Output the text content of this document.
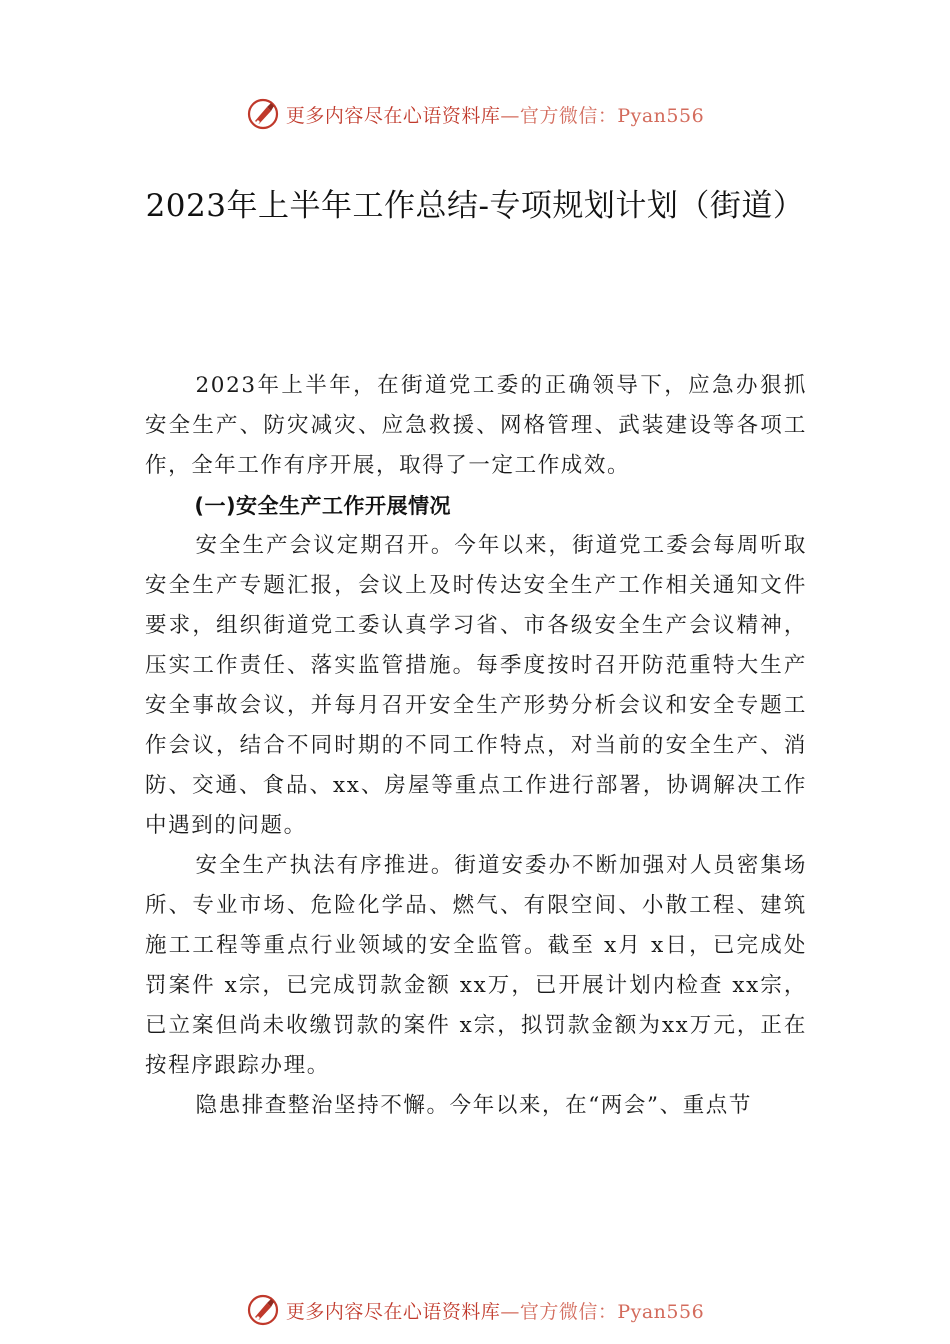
更多内容尽在心语资料库—官方微信：Pyan556
2023年上半年工作总结-专项规划计划（街道）

2023年上半年，在街道党工委的正确领导下，应急办狠抓安全生产、防灾减灾、应急救援、网格管理、武装建设等各项工作，全年工作有序开展，取得了一定工作成效。

(一)安全生产工作开展情况

安全生产会议定期召开。今年以来，街道党工委会每周听取安全生产专题汇报，会议上及时传达安全生产工作相关通知文件要求，组织街道党工委认真学习省、市各级安全生产会议精神，压实工作责任、落实监管措施。每季度按时召开防范重特大生产安全事故会议，并每月召开安全生产形势分析会议和安全专题工作会议，结合不同时期的不同工作特点，对当前的安全生产、消防、交通、食品、xx、房屋等重点工作进行部署，协调解决工作中遇到的问题。

安全生产执法有序推进。街道安委办不断加强对人员密集场所、专业市场、危险化学品、燃气、有限空间、小散工程、建筑施工工程等重点行业领域的安全监管。截至 x月 x日，已完成处罚案件 x宗，已完成罚款金额 xx万，已开展计划内检查 xx宗，已立案但尚未收缴罚款的案件 x宗，拟罚款金额为xx万元，正在按程序跟踪办理。

隐患排查整治坚持不懈。今年以来，在“两会”、重点节

更多内容尽在心语资料库—官方微信：Pyan556
